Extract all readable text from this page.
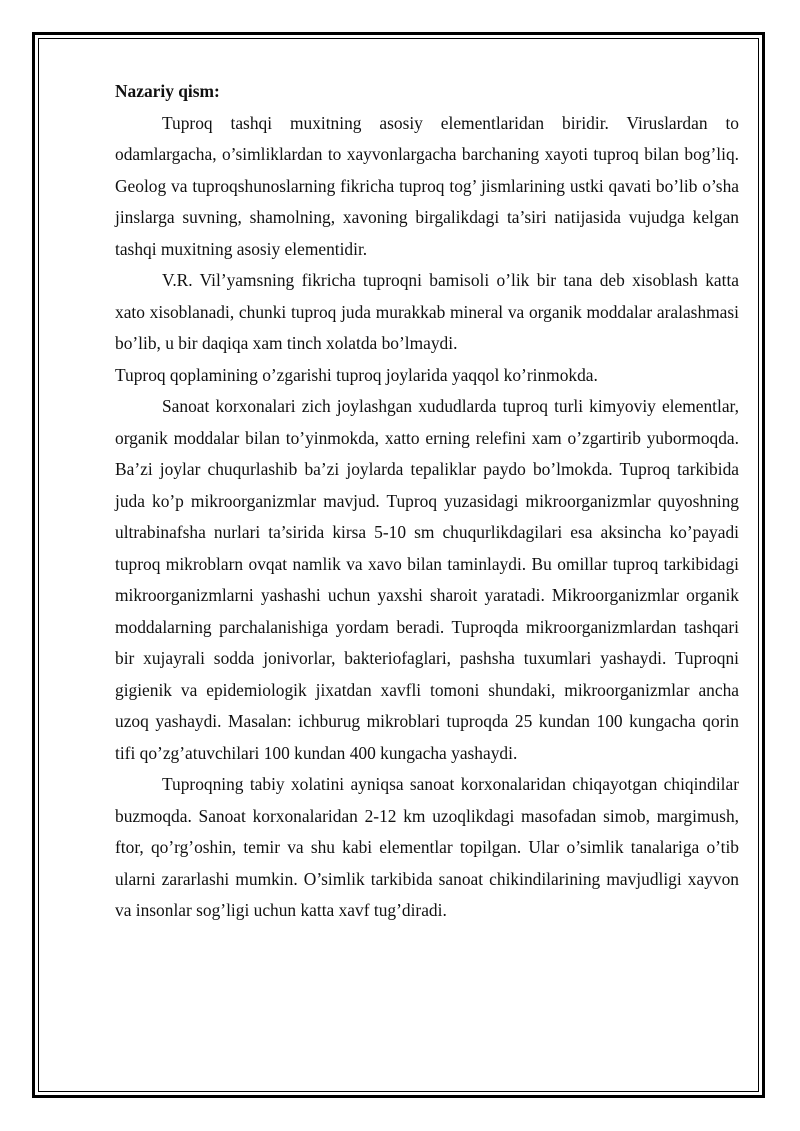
Nazariy qism:

Tuproq tashqi muxitning asosiy elementlaridan biridir. Viruslardan to odamlargacha, o’simliklardan to xayvonlargacha barchaning xayoti tuproq bilan bog’liq. Geolog va tuproqshunoslarning fikricha tuproq tog’ jismlarining ustki qavati bo’lib o’sha jinslarga suvning, shamolning, xavoning birgalikdagi ta’siri natijasida vujudga kelgan tashqi muxitning asosiy elementidir.

V.R. Vil’yamsning fikricha tuproqni bamisoli o’lik bir tana deb xisoblash katta xato xisoblanadi, chunki tuproq juda murakkab mineral va organik moddalar aralashmasi bo’lib, u bir daqiqa xam tinch xolatda bo’lmaydi.

Tuproq qoplamining o’zgarishi tuproq joylarida yaqqol ko’rinmokda.

Sanoat korxonalari zich joylashgan xududlarda tuproq turli kimyoviy elementlar, organik moddalar bilan to’yinmokda, xatto erning relefini xam o’zgartirib yubormoqda. Ba’zi joylar chuqurlashib ba’zi joylarda tepaliklar paydo bo’lmokda. Tuproq tarkibida juda ko’p mikroorganizmlar mavjud. Tuproq yuzasidagi mikroorganizmlar quyoshning ultrabinafsha nurlari ta’sirida kirsa 5-10 sm chuqurlikdagilari esa aksincha ko’payadi tuproq mikroblarn ovqat namlik va xavo bilan taminlaydi. Bu omillar tuproq tarkibidagi mikroorganizmlarni yashashi uchun yaxshi sharoit yaratadi. Mikroorganizmlar organik moddalarning parchalanishiga yordam beradi. Tuproqda mikroorganizmlardan tashqari bir xujayrali sodda jonivorlar, bakteriofaglari, pashsha tuxumlari yashaydi. Tuproqni gigienik va epidemiologik jixatdan xavfli tomoni shundaki, mikroorganizmlar ancha uzoq yashaydi. Masalan: ichburug mikroblari tuproqda 25 kundan 100 kungacha qorin tifi qo’zg’atuvchilari 100 kundan 400 kungacha yashaydi.

Tuproqning tabiy xolatini ayniqsa sanoat korxonalaridan chiqayotgan chiqindilar buzmoqda. Sanoat korxonalaridan 2-12 km uzoqlikdagi masofadan simob, margimush, ftor, qo’rg’oshin, temir va shu kabi elementlar topilgan. Ular o’simlik tanalariga o’tib ularni zararlashi mumkin. O’simlik tarkibida sanoat chikindilarining mavjudligi xayvon va insonlar sog’ligi uchun katta xavf tug’diradi.
